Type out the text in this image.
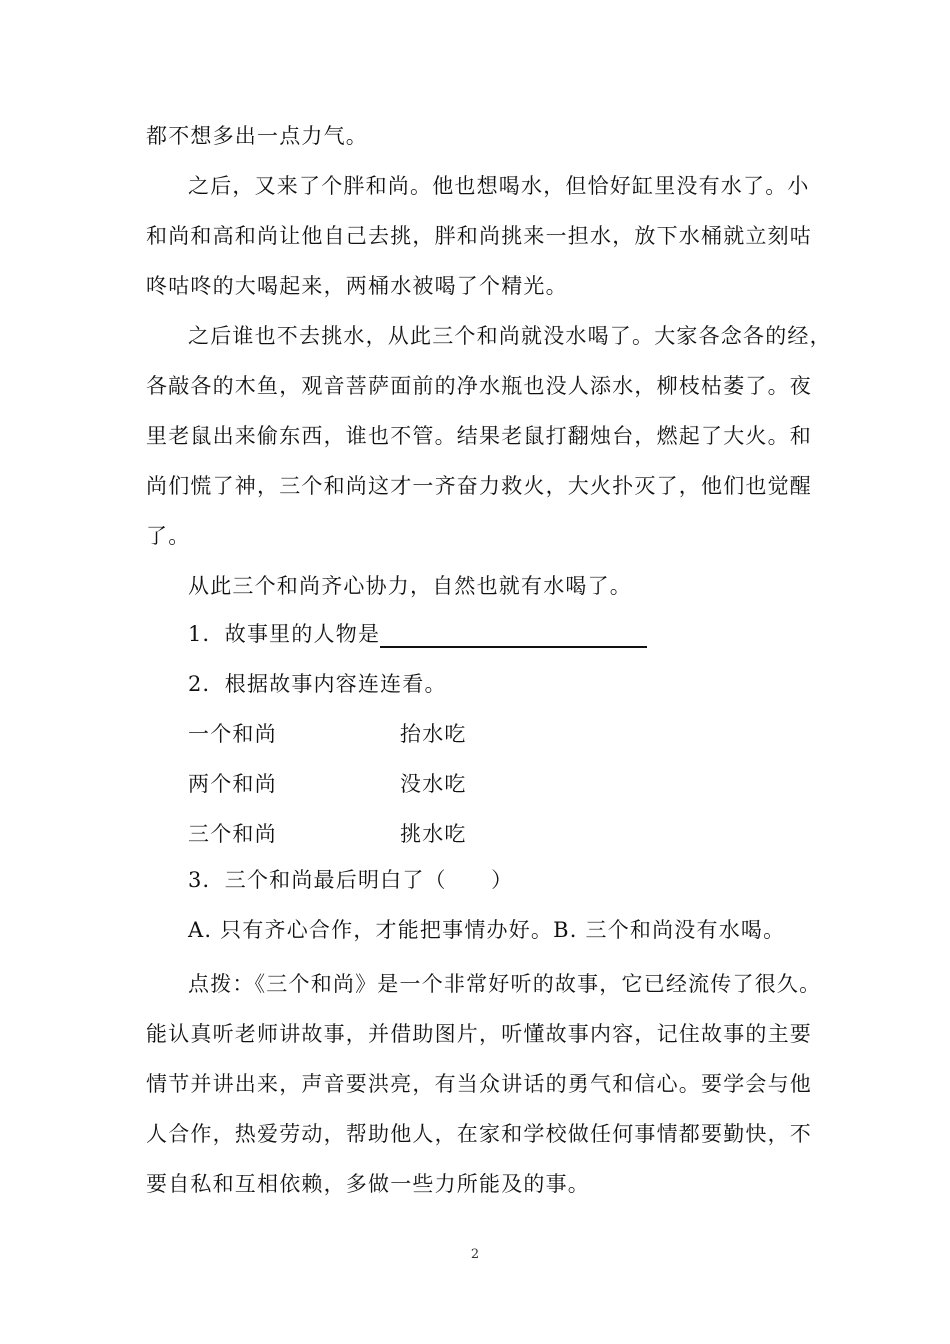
都不想多出一点力气。
之后，又来了个胖和尚。他也想喝水，但恰好缸里没有水了。小
和尚和高和尚让他自己去挑，胖和尚挑来一担水，放下水桶就立刻咕
咚咕咚的大喝起来，两桶水被喝了个精光。
之后谁也不去挑水，从此三个和尚就没水喝了。大家各念各的经，
各敲各的木鱼，观音菩萨面前的净水瓶也没人添水，柳枝枯萎了。夜
里老鼠出来偷东西，谁也不管。结果老鼠打翻烛台，燃起了大火。和
尚们慌了神，三个和尚这才一齐奋力救火，大火扑灭了，他们也觉醒
了。
从此三个和尚齐心协力，自然也就有水喝了。
1．故事里的人物是
2．根据故事内容连连看。
一个和尚	抬水吃
两个和尚	没水吃
三个和尚	挑水吃
3．三个和尚最后明白了（　　）
A. 只有齐心合作，才能把事情办好。B. 三个和尚没有水喝。
点拨：《三个和尚》是一个非常好听的故事，它已经流传了很久。
能认真听老师讲故事，并借助图片，听懂故事内容，记住故事的主要
情节并讲出来，声音要洪亮，有当众讲话的勇气和信心。要学会与他
人合作，热爱劳动，帮助他人，在家和学校做任何事情都要勤快，不
要自私和互相依赖，多做一些力所能及的事。
2
